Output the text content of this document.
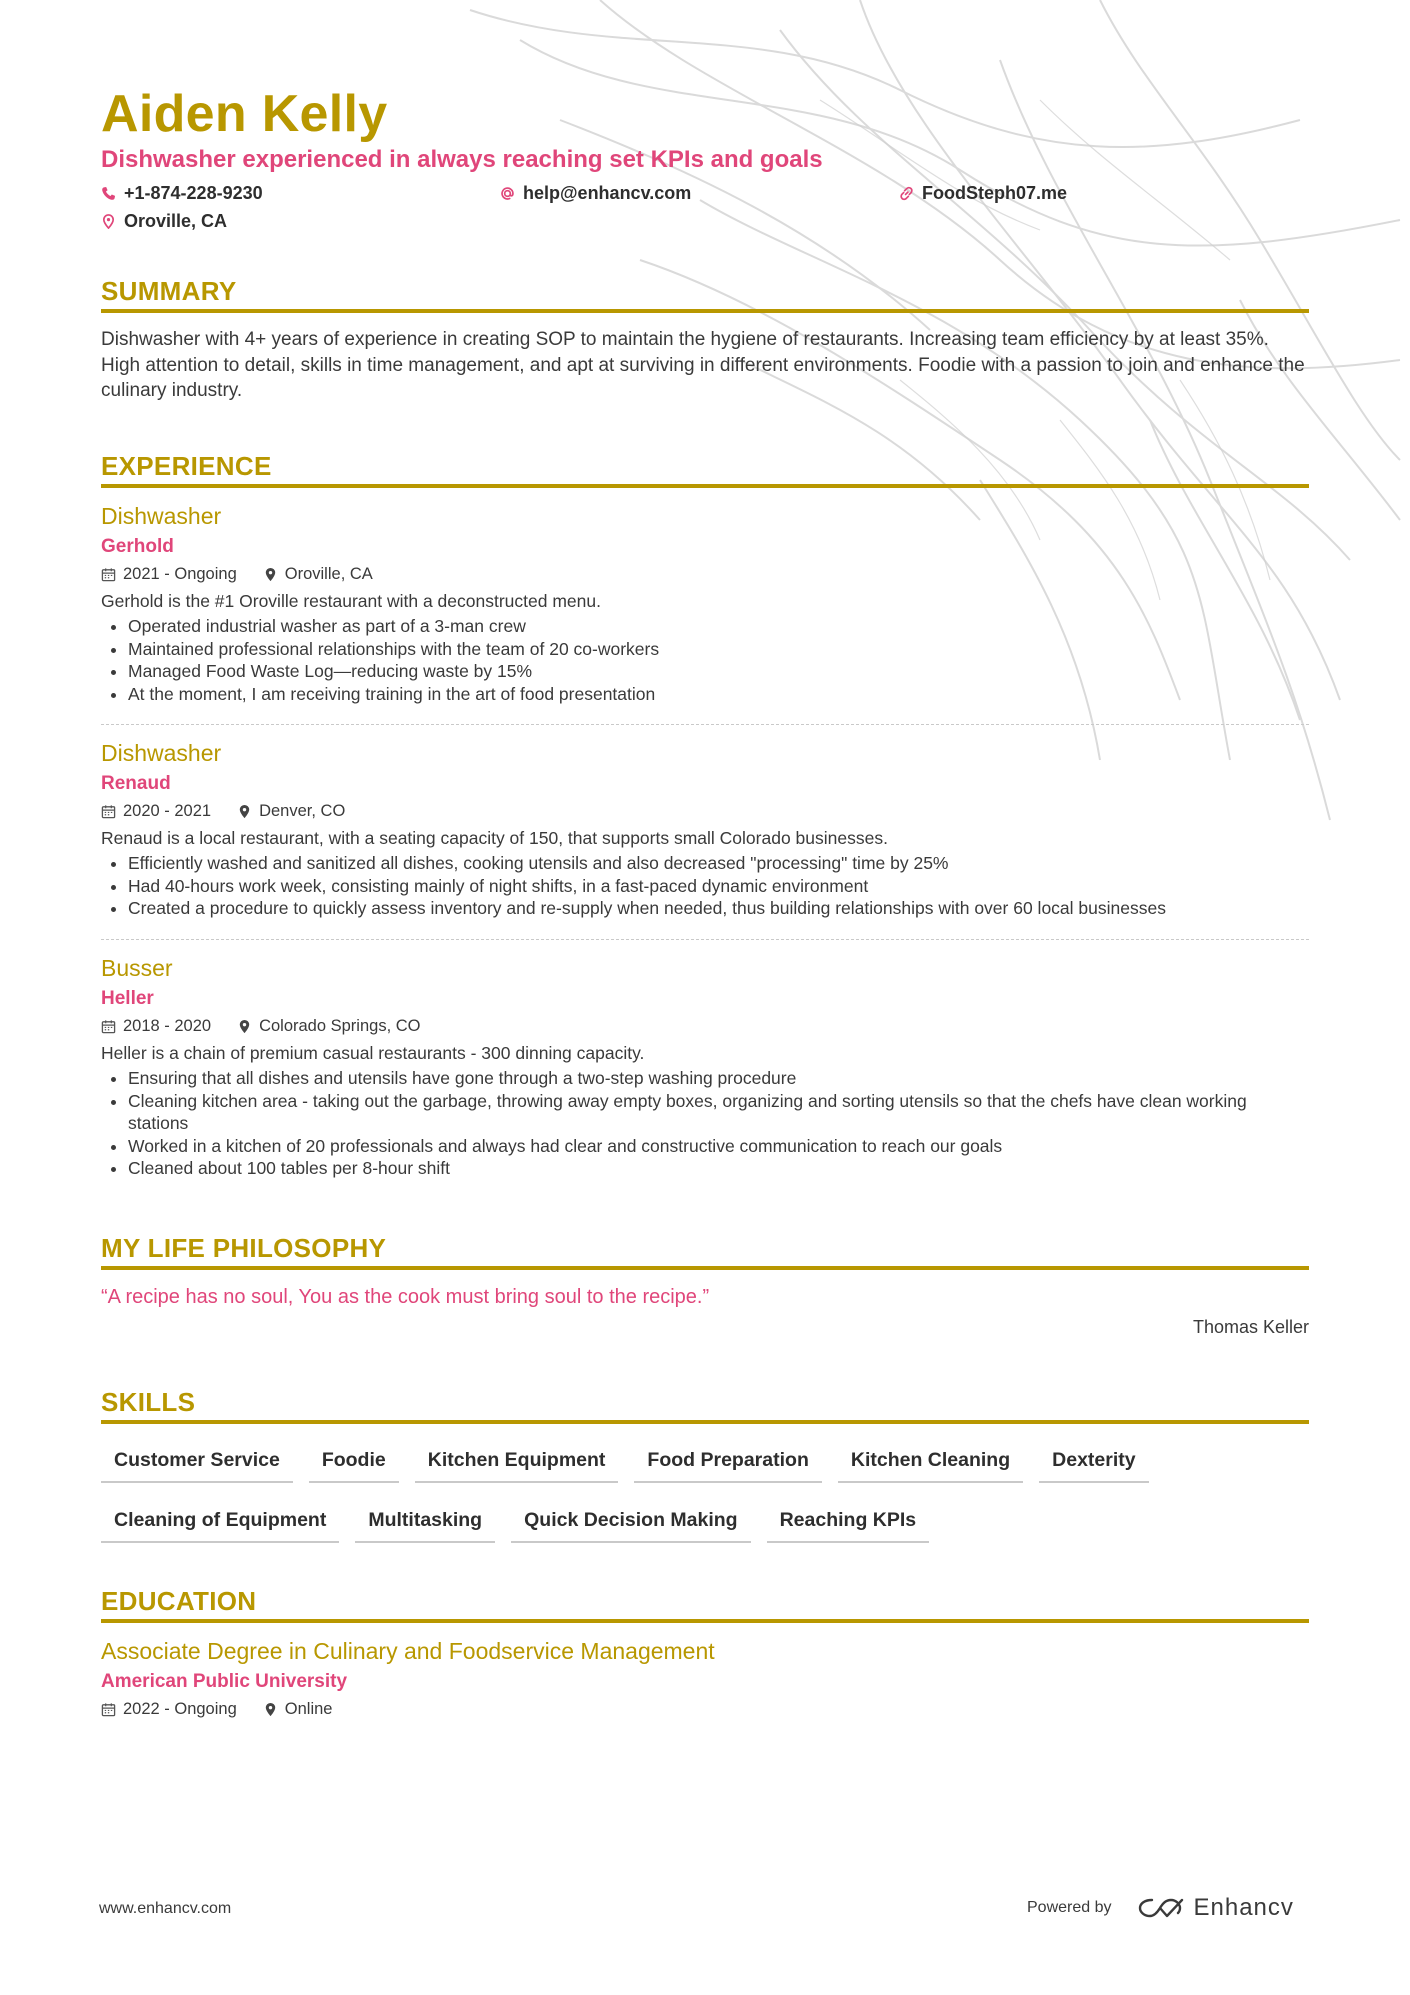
Aiden Kelly
Dishwasher experienced in always reaching set KPIs and goals
+1-874-228-9230	help@enhancv.com	FoodSteph07.me
Oroville, CA
SUMMARY
Dishwasher with 4+ years of experience in creating SOP to maintain the hygiene of restaurants. Increasing team efficiency by at least 35%. High attention to detail, skills in time management, and apt at surviving in different environments. Foodie with a passion to join and enhance the culinary industry.
EXPERIENCE
Dishwasher
Gerhold
2021 - Ongoing	Oroville, CA
Gerhold is the #1 Oroville restaurant with a deconstructed menu.
• Operated industrial washer as part of a 3-man crew
• Maintained professional relationships with the team of 20 co-workers
• Managed Food Waste Log—reducing waste by 15%
• At the moment, I am receiving training in the art of food presentation
Dishwasher
Renaud
2020 - 2021	Denver, CO
Renaud is a local restaurant, with a seating capacity of 150, that supports small Colorado businesses.
• Efficiently washed and sanitized all dishes, cooking utensils and also decreased "processing" time by 25%
• Had 40-hours work week, consisting mainly of night shifts, in a fast-paced dynamic environment
• Created a procedure to quickly assess inventory and re-supply when needed, thus building relationships with over 60 local businesses
Busser
Heller
2018 - 2020	Colorado Springs, CO
Heller is a chain of premium casual restaurants - 300 dinning capacity.
• Ensuring that all dishes and utensils have gone through a two-step washing procedure
• Cleaning kitchen area - taking out the garbage, throwing away empty boxes, organizing and sorting utensils so that the chefs have clean working stations
• Worked in a kitchen of 20 professionals and always had clear and constructive communication to reach our goals
• Cleaned about 100 tables per 8-hour shift
MY LIFE PHILOSOPHY
“A recipe has no soul, You as the cook must bring soul to the recipe.”
Thomas Keller
SKILLS
Customer Service	Foodie	Kitchen Equipment	Food Preparation	Kitchen Cleaning	Dexterity
Cleaning of Equipment	Multitasking	Quick Decision Making	Reaching KPIs
EDUCATION
Associate Degree in Culinary and Foodservice Management
American Public University
2022 - Ongoing	Online
www.enhancv.com	Powered by	Enhancv
